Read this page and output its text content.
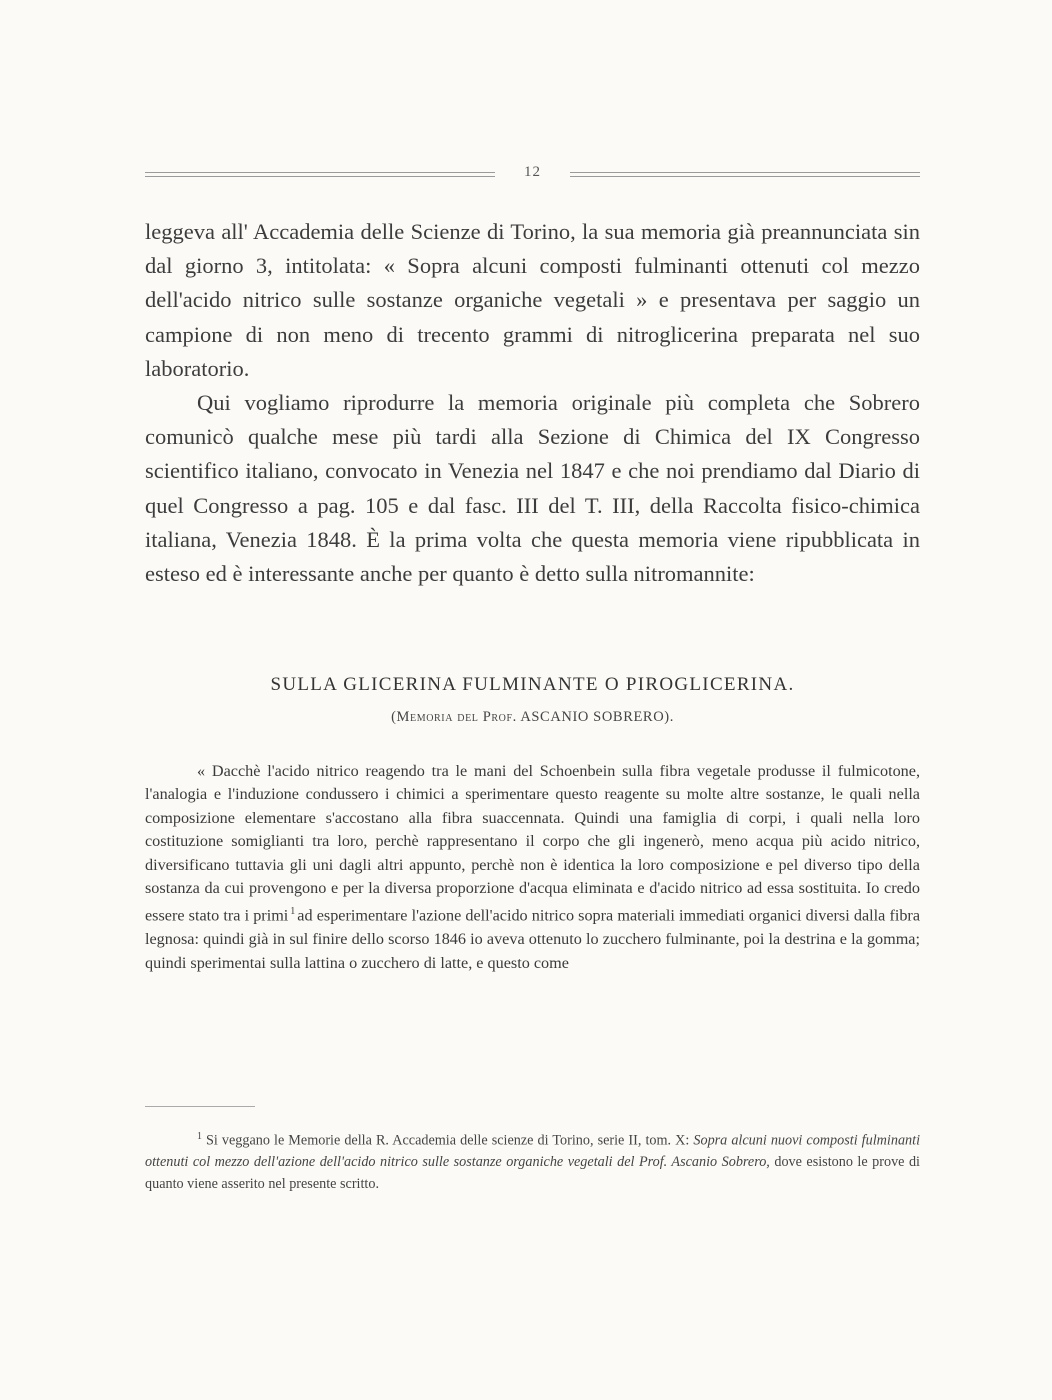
12

leggeva all' Accademia delle Scienze di Torino, la sua memoria già preannunciata sin dal giorno 3, intitolata: « Sopra alcuni composti fulminanti ottenuti col mezzo dell'acido nitrico sulle sostanze organiche vegetali » e presentava per saggio un campione di non meno di trecento grammi di nitroglicerina preparata nel suo laboratorio.

Qui vogliamo riprodurre la memoria originale più completa che Sobrero comunicò qualche mese più tardi alla Sezione di Chimica del IX Congresso scientifico italiano, convocato in Venezia nel 1847 e che noi prendiamo dal Diario di quel Congresso a pag. 105 e dal fasc. III del T. III, della Raccolta fisico-chimica italiana, Venezia 1848. È la prima volta che questa memoria viene ripubblicata in esteso ed è interessante anche per quanto è detto sulla nitromannite:

SULLA GLICERINA FULMINANTE O PIROGLICERINA.
(Memoria del Prof. ASCANIO SOBRERO).

« Dacchè l'acido nitrico reagendo tra le mani del Schoenbein sulla fibra vegetale produsse il fulmicotone, l'analogia e l'induzione condussero i chimici a sperimentare questo reagente su molte altre sostanze, le quali nella composizione elementare s'accostano alla fibra suaccennata. Quindi una famiglia di corpi, i quali nella loro costituzione somiglianti tra loro, perchè rappresentano il corpo che gli ingenerò, meno acqua più acido nitrico, diversificano tuttavia gli uni dagli altri appunto, perchè non è identica la loro composizione e pel diverso tipo della sostanza da cui provengono e per la diversa proporzione d'acqua eliminata e d'acido nitrico ad essa sostituita. Io credo essere stato tra i primi $^1$ ad esperimentare l'azione dell'acido nitrico sopra materiali immediati organici diversi dalla fibra legnosa: quindi già in sul finire dello scorso 1846 io aveva ottenuto lo zucchero fulminante, poi la destrina e la gomma; quindi sperimentai sulla lattina o zucchero di latte, e questo come

$^1$ Si veggano le Memorie della R. Accademia delle scienze di Torino, serie II, tom. X: Sopra alcuni nuovi composti fulminanti ottenuti col mezzo dell'azione dell'acido nitrico sulle sostanze organiche vegetali del Prof. Ascanio Sobrero, dove esistono le prove di quanto viene asserito nel presente scritto.
